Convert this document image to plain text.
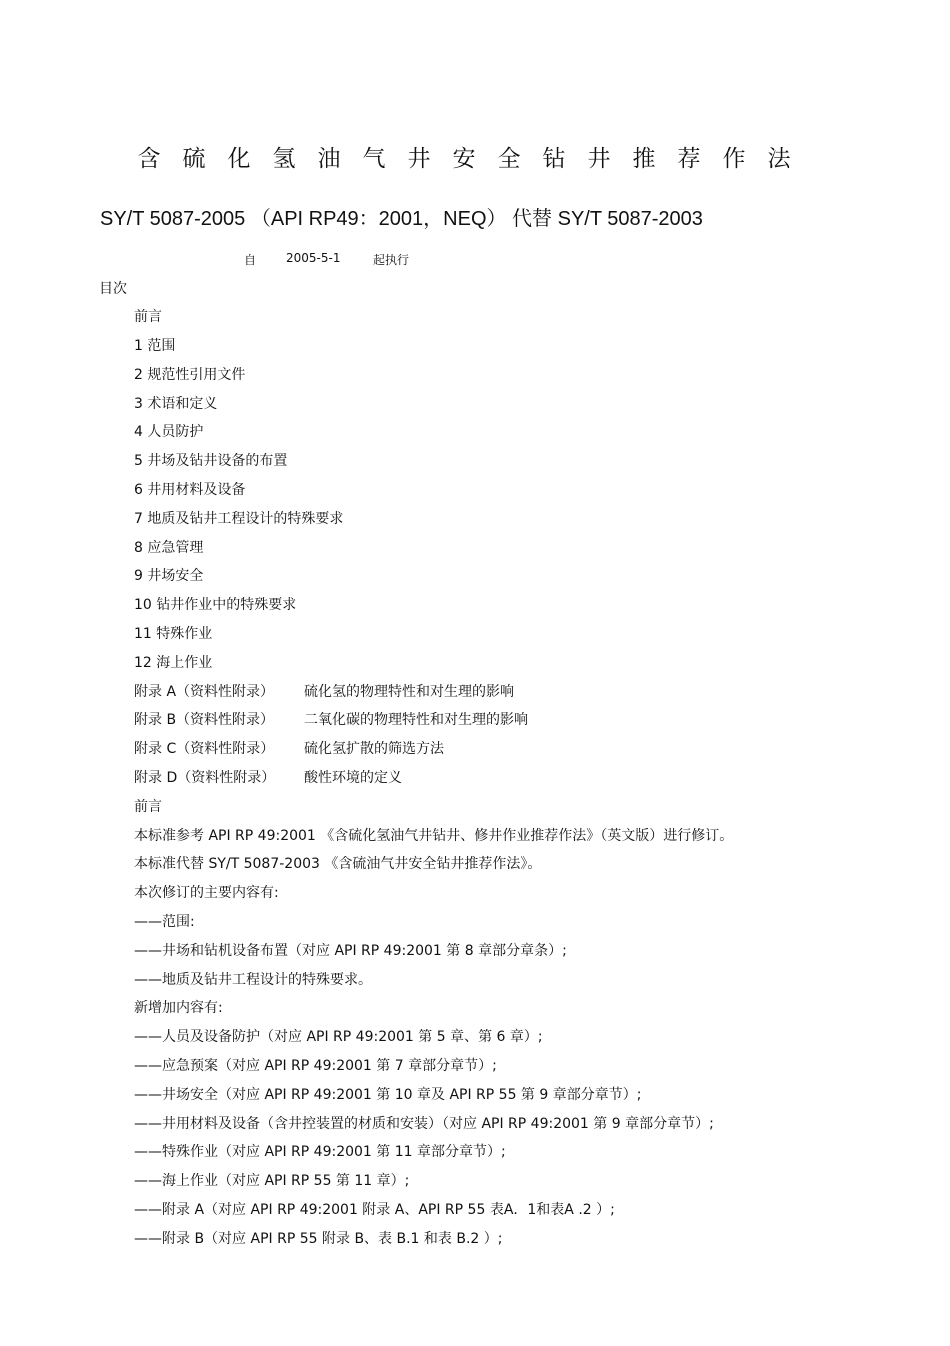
含硫化氢油气井安全钻井推荐作法
SY/T 5087-2005 （API RP49：2001，NEQ） 代替 SY/T 5087-2003
自 2005-5-1	起执行
目次
前言
1 范围
2 规范性引用文件
3 术语和定义
4 人员防护
5 井场及钻井设备的布置
6 井用材料及设备
7 地质及钻井工程设计的特殊要求
8 应急管理
9 井场安全
10 钻井作业中的特殊要求
11 特殊作业
12 海上作业
附录 A（资料性附录） 硫化氢的物理特性和对生理的影响
附录 B（资料性附录） 二氧化碳的物理特性和对生理的影响
附录 C（资料性附录） 硫化氢扩散的筛选方法
附录 D（资料性附录） 酸性环境的定义
前言
本标准参考 API RP 49:2001 《含硫化氢油气井钻井、修井作业推荐作法》（英文版）进行修订。
本标准代替 SY/T 5087-2003 《含硫油气井安全钻井推荐作法》。
本次修订的主要内容有:
——范围:
——井场和钻机设备布置（对应 API RP 49:2001 第 8 章部分章条）;
——地质及钻井工程设计的特殊要求。
新增加内容有:
——人员及设备防护（对应 API RP 49:2001 第 5 章、第 6 章）;
——应急预案（对应 API RP 49:2001 第 7 章部分章节）;
——井场安全（对应 API RP 49:2001 第 10 章及 API RP 55 第 9 章部分章节）;
——井用材料及设备（含井控装置的材质和安装）（对应 API RP 49:2001 第 9 章部分章节）;
——特殊作业（对应 API RP 49:2001 第 11 章部分章节）;
——海上作业（对应 API RP 55 第 11 章）;
——附录 A（对应 API RP 49:2001 附录 A、API RP 55 表A．1和表A .2 ）;
——附录 B（对应 API RP 55 附录 B、表 B.1 和表 B.2 ）;
